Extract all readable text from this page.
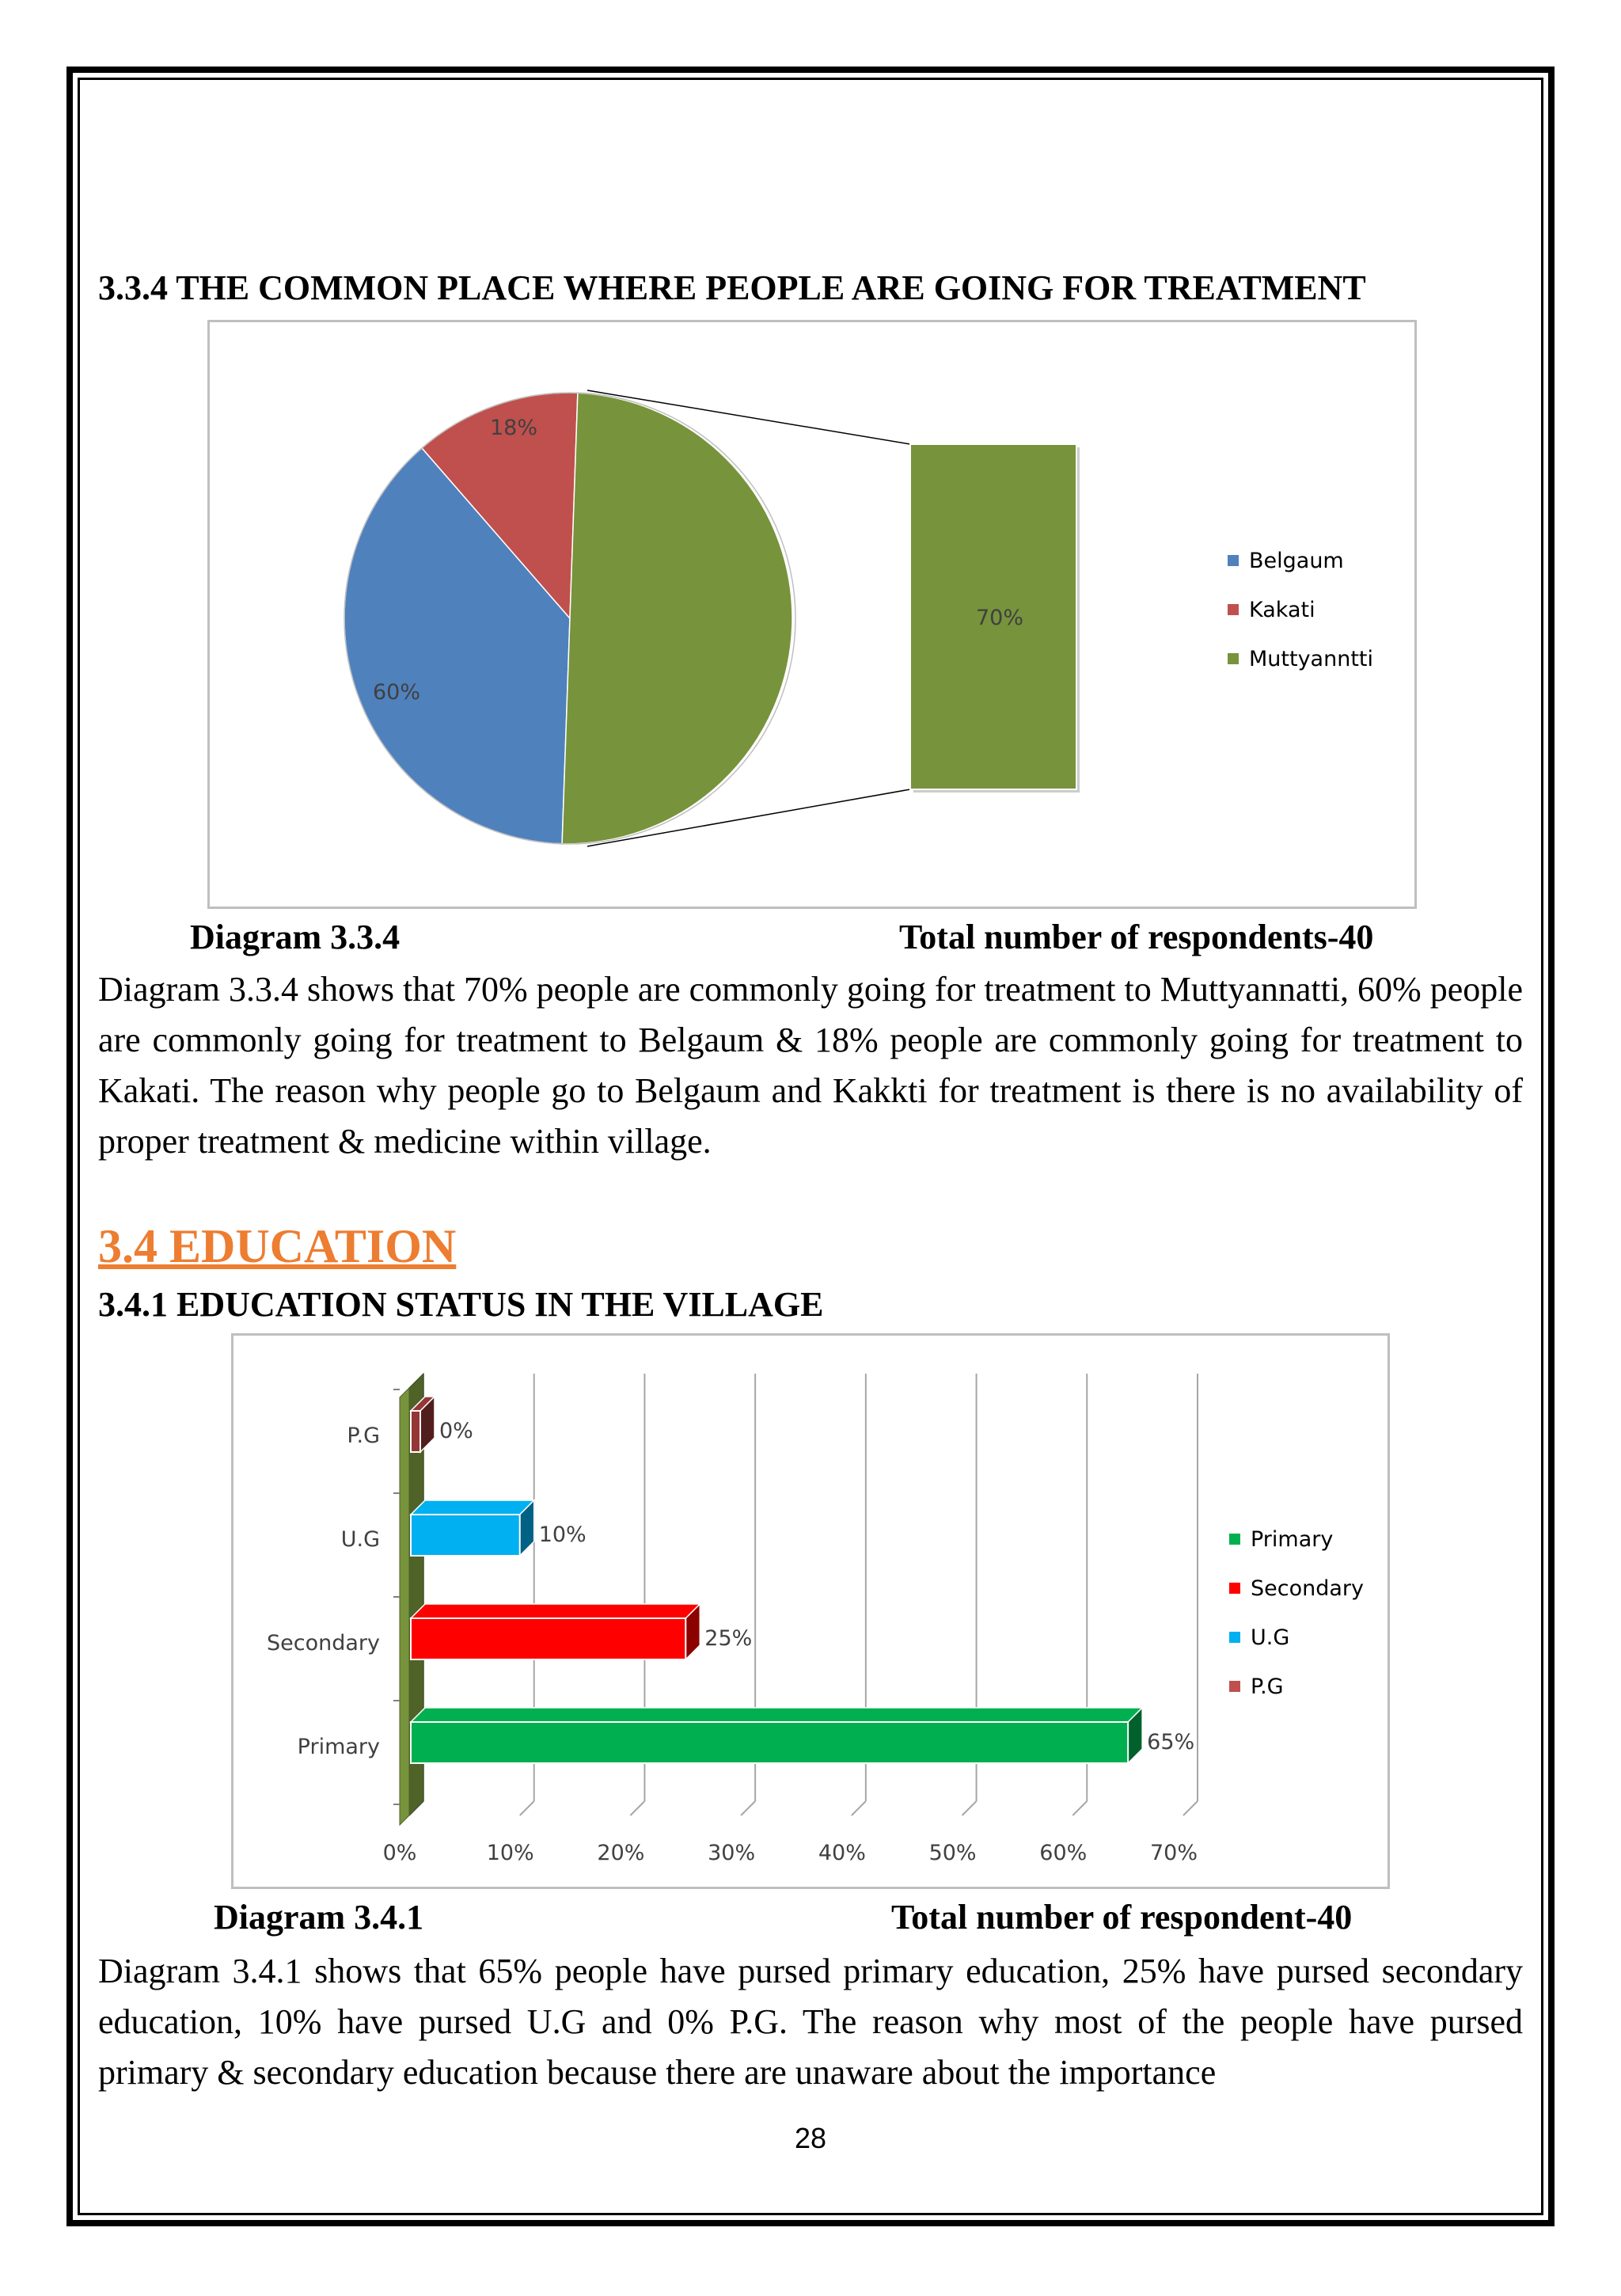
3.3.4 THE COMMON PLACE WHERE PEOPLE ARE GOING FOR TREATMENT
60%
18%
70%
Belgaum
Kakati
Muttyanntti
Diagram 3.3.4	Total number of respondents-40
Diagram 3.3.4 shows that 70% people are commonly going for treatment to Muttyannatti, 60% people are commonly going for treatment to Belgaum & 18% people are commonly going for treatment to Kakati. The reason why people go to Belgaum and Kakkti for treatment is there is no availability of proper treatment & medicine within village.
3.4 EDUCATION
3.4.1 EDUCATION STATUS IN THE VILLAGE
65%
Primary
25%
Secondary
10%
U.G
0%
P.G
0%	10%	20%	30%	40%	50%	60%	70%
Primary
Secondary
U.G
P.G
Diagram 3.4.1	Total number of respondent-40
Diagram 3.4.1 shows that 65% people have pursed primary education, 25% have pursed secondary education, 10% have pursed U.G and 0% P.G. The reason why most of the people have pursed primary & secondary education because there are unaware about the importance
28
